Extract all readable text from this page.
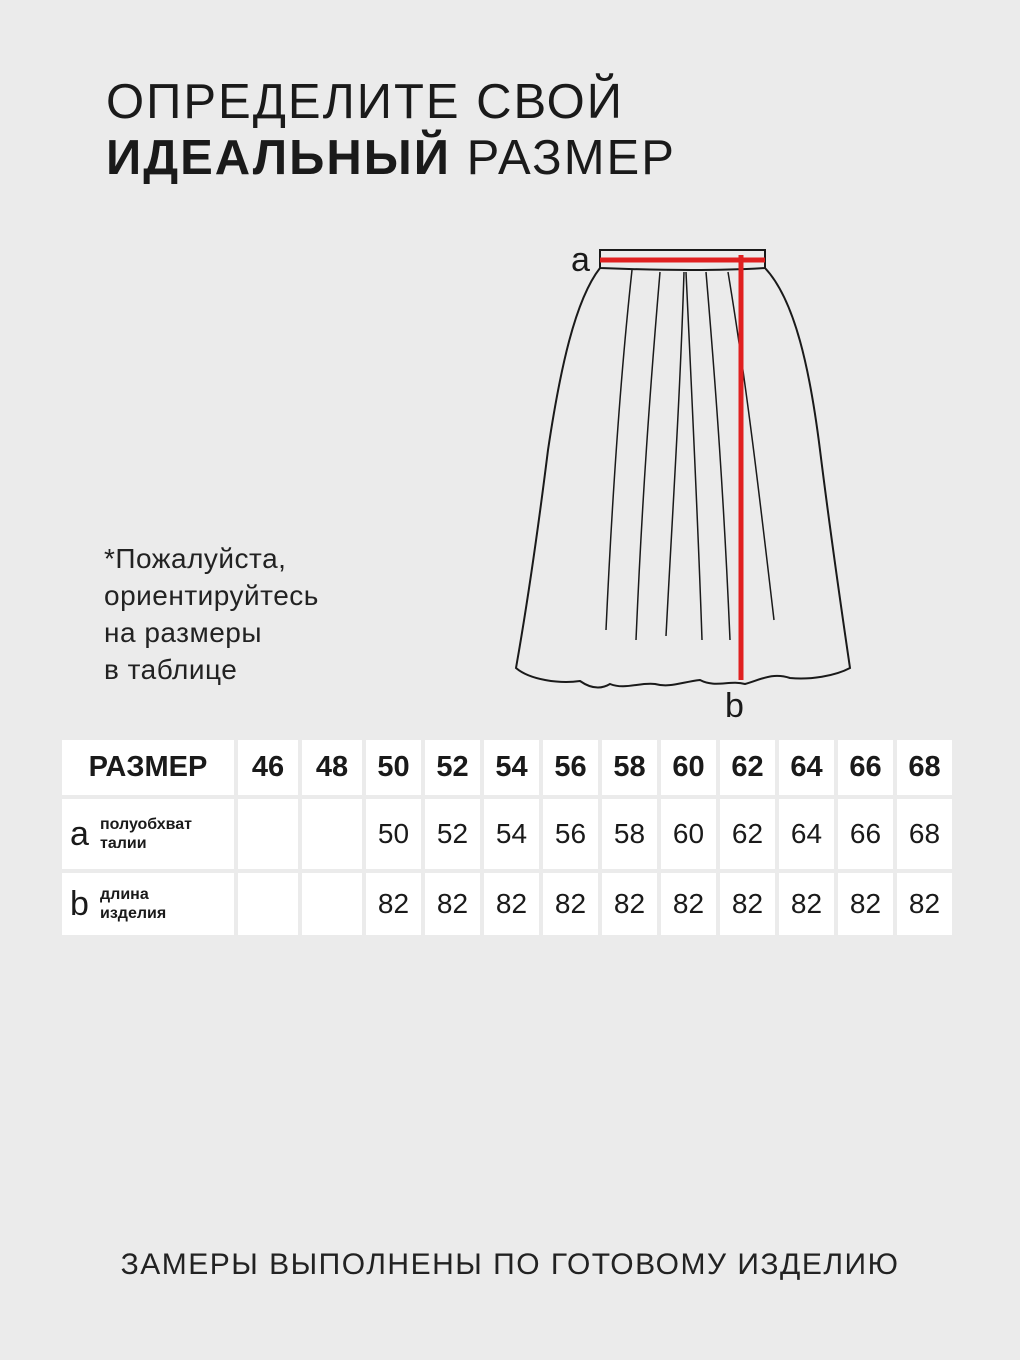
ОПРЕДЕЛИТЕ СВОЙ
ИДЕАЛЬНЫЙ РАЗМЕР
*Пожалуйста,
ориентируйтесь
на размеры
в таблице
a
b
РАЗМЕР	46	48	50	52	54	56	58	60	62	64	66	68

a полуобхват
талии			50	52	54	56	58	60	62	64	66	68

b длина
изделия			82	82	82	82	82	82	82	82	82	82
ЗАМЕРЫ ВЫПОЛНЕНЫ ПО ГОТОВОМУ ИЗДЕЛИЮ
